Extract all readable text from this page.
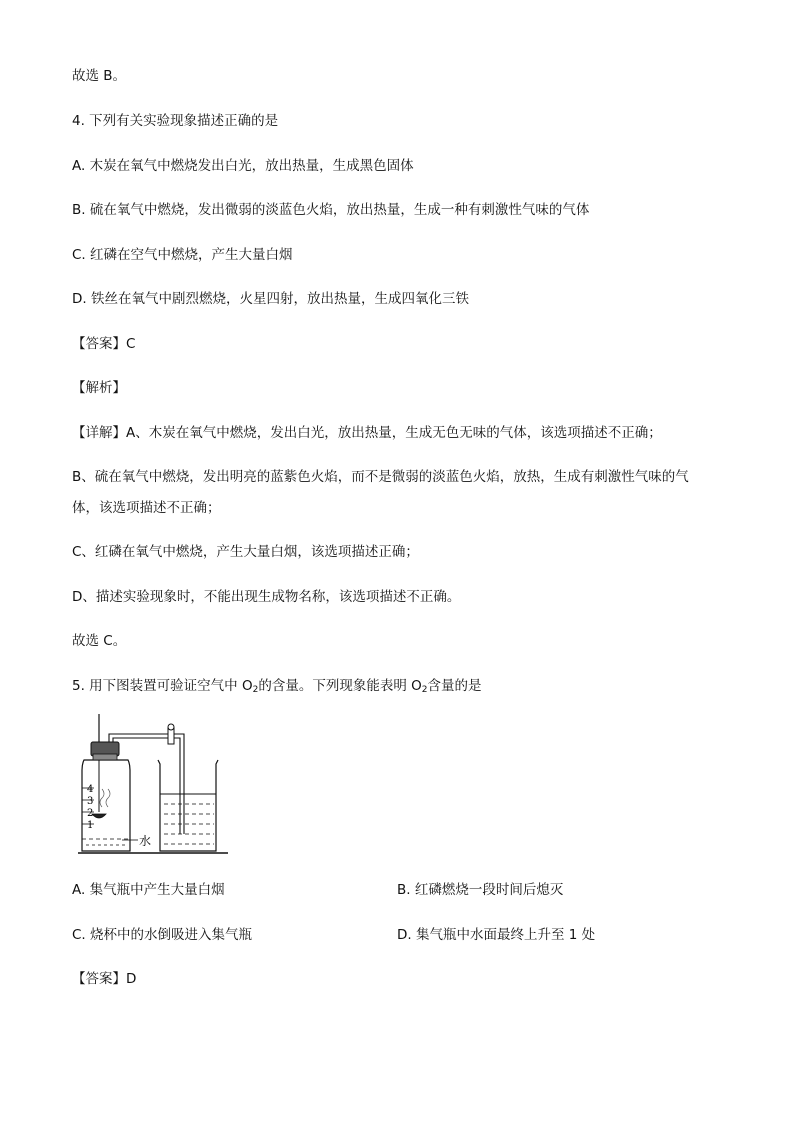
故选 B。
4. 下列有关实验现象描述正确的是
A. 木炭在氧气中燃烧发出白光，放出热量，生成黑色固体
B. 硫在氧气中燃烧，发出微弱的淡蓝色火焰，放出热量，生成一种有刺激性气味的气体
C. 红磷在空气中燃烧，产生大量白烟
D. 铁丝在氧气中剧烈燃烧，火星四射，放出热量，生成四氧化三铁
【答案】C
【解析】
【详解】A、木炭在氧气中燃烧，发出白光，放出热量，生成无色无味的气体，该选项描述不正确；
B、硫在氧气中燃烧，发出明亮的蓝紫色火焰，而不是微弱的淡蓝色火焰，放热，生成有刺激性气味的气
体，该选项描述不正确；
C、红磷在氧气中燃烧，产生大量白烟，该选项描述正确；
D、描述实验现象时，不能出现生成物名称，该选项描述不正确。
故选 C。
5. 用下图装置可验证空气中 $O_2$的含量。下列现象能表明 $O_2$含量的是
4
3
2
1
水
A. 集气瓶中产生大量白烟	B. 红磷燃烧一段时间后熄灭
C. 烧杯中的水倒吸进入集气瓶	D. 集气瓶中水面最终上升至 1 处
【答案】D
